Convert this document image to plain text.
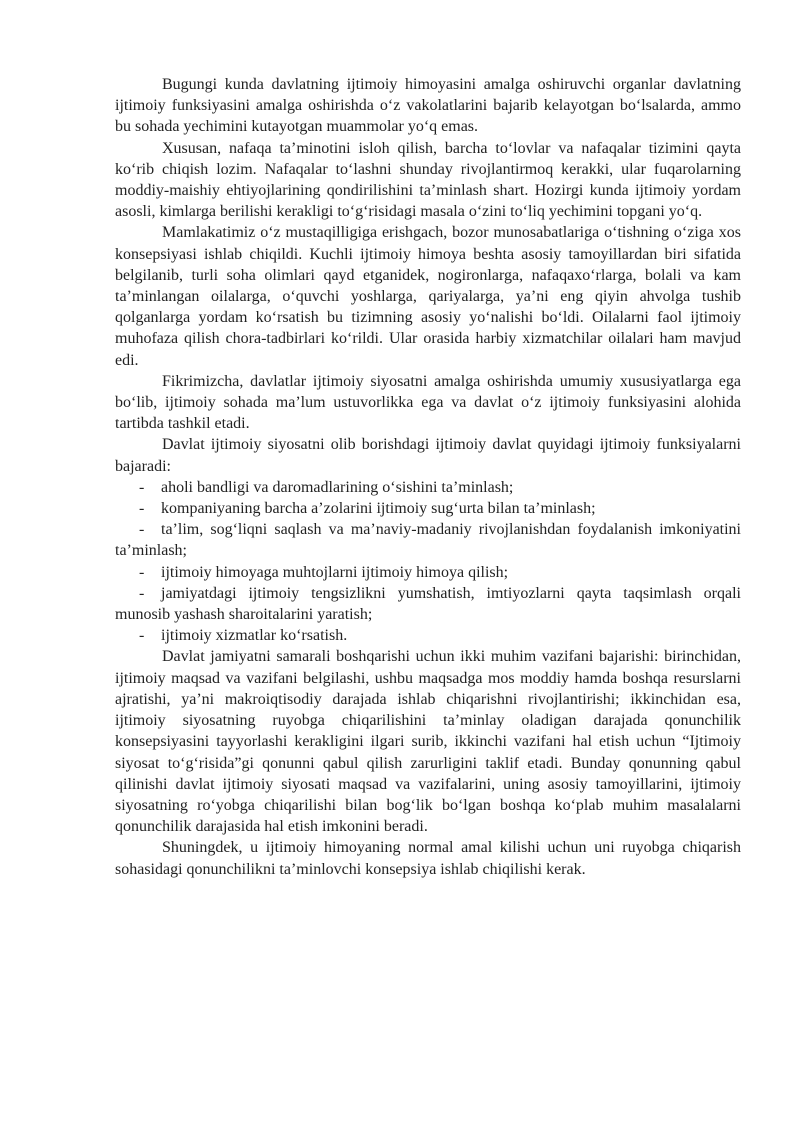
Bugungi kunda davlatning ijtimoiy himoyasini amalga oshiruvchi organlar davlatning ijtimoiy funksiyasini amalga oshirishda o‘z vakolatlarini bajarib kelayotgan bo‘lsalarda, ammo bu sohada yechimini kutayotgan muammolar yo‘q emas.

Xususan, nafaqa ta’minotini isloh qilish, barcha to‘lovlar va nafaqalar tizimini qayta ko‘rib chiqish lozim. Nafaqalar to‘lashni shunday rivojlantirmoq kerakki, ular fuqarolarning moddiy-maishiy ehtiyojlarining qondirilishini ta’minlash shart. Hozirgi kunda ijtimoiy yordam asosli, kimlarga berilishi kerakligi to‘g‘risidagi masala o‘zini to‘liq yechimini topgani yo‘q.

Mamlakatimiz o‘z mustaqilligiga erishgach, bozor munosabatlariga o‘tishning o‘ziga xos konsepsiyasi ishlab chiqildi. Kuchli ijtimoiy himoya beshta asosiy tamoyillardan biri sifatida belgilanib, turli soha olimlari qayd etganidek, nogironlarga, nafaqaxo‘rlarga, bolali va kam ta’minlangan oilalarga, o‘quvchi yoshlarga, qariyalarga, ya’ni eng qiyin ahvolga tushib qolganlarga yordam ko‘rsatish bu tizimning asosiy yo‘nalishi bo‘ldi. Oilalarni faol ijtimoiy muhofaza qilish chora-tadbirlari ko‘rildi. Ular orasida harbiy xizmatchilar oilalari ham mavjud edi.

Fikrimizcha, davlatlar ijtimoiy siyosatni amalga oshirishda umumiy xususiyatlarga ega bo‘lib, ijtimoiy sohada ma’lum ustuvorlikka ega va davlat o‘z ijtimoiy funksiyasini alohida tartibda tashkil etadi.

Davlat ijtimoiy siyosatni olib borishdagi ijtimoiy davlat quyidagi ijtimoiy funksiyalarni bajaradi:

- aholi bandligi va daromadlarining o‘sishini ta’minlash;

- kompaniyaning barcha a’zolarini ijtimoiy sug‘urta bilan ta’minlash;

- ta’lim, sog‘liqni saqlash va ma’naviy-madaniy rivojlanishdan foydalanish imkoniyatini ta’minlash;

- ijtimoiy himoyaga muhtojlarni ijtimoiy himoya qilish;

- jamiyatdagi ijtimoiy tengsizlikni yumshatish, imtiyozlarni qayta taqsimlash orqali munosib yashash sharoitalarini yaratish;

- ijtimoiy xizmatlar ko‘rsatish.

Davlat jamiyatni samarali boshqarishi uchun ikki muhim vazifani bajarishi: birinchidan, ijtimoiy maqsad va vazifani belgilashi, ushbu maqsadga mos moddiy hamda boshqa resurslarni ajratishi, ya’ni makroiqtisodiy darajada ishlab chiqarishni rivojlantirishi; ikkinchidan esa, ijtimoiy siyosatning ruyobga chiqarilishini ta’minlay oladigan darajada qonunchilik konsepsiyasini tayyorlashi kerakligini ilgari surib, ikkinchi vazifani hal etish uchun “Ijtimoiy siyosat to‘g‘risida”gi qonunni qabul qilish zarurligini taklif etadi. Bunday qonunning qabul qilinishi davlat ijtimoiy siyosati maqsad va vazifalarini, uning asosiy tamoyillarini, ijtimoiy siyosatning ro‘yobga chiqarilishi bilan bog‘lik bo‘lgan boshqa ko‘plab muhim masalalarni qonunchilik darajasida hal etish imkonini beradi.

Shuningdek, u ijtimoiy himoyaning normal amal kilishi uchun uni ruyobga chiqarish sohasidagi qonunchilikni ta’minlovchi konsepsiya ishlab chiqilishi kerak.
